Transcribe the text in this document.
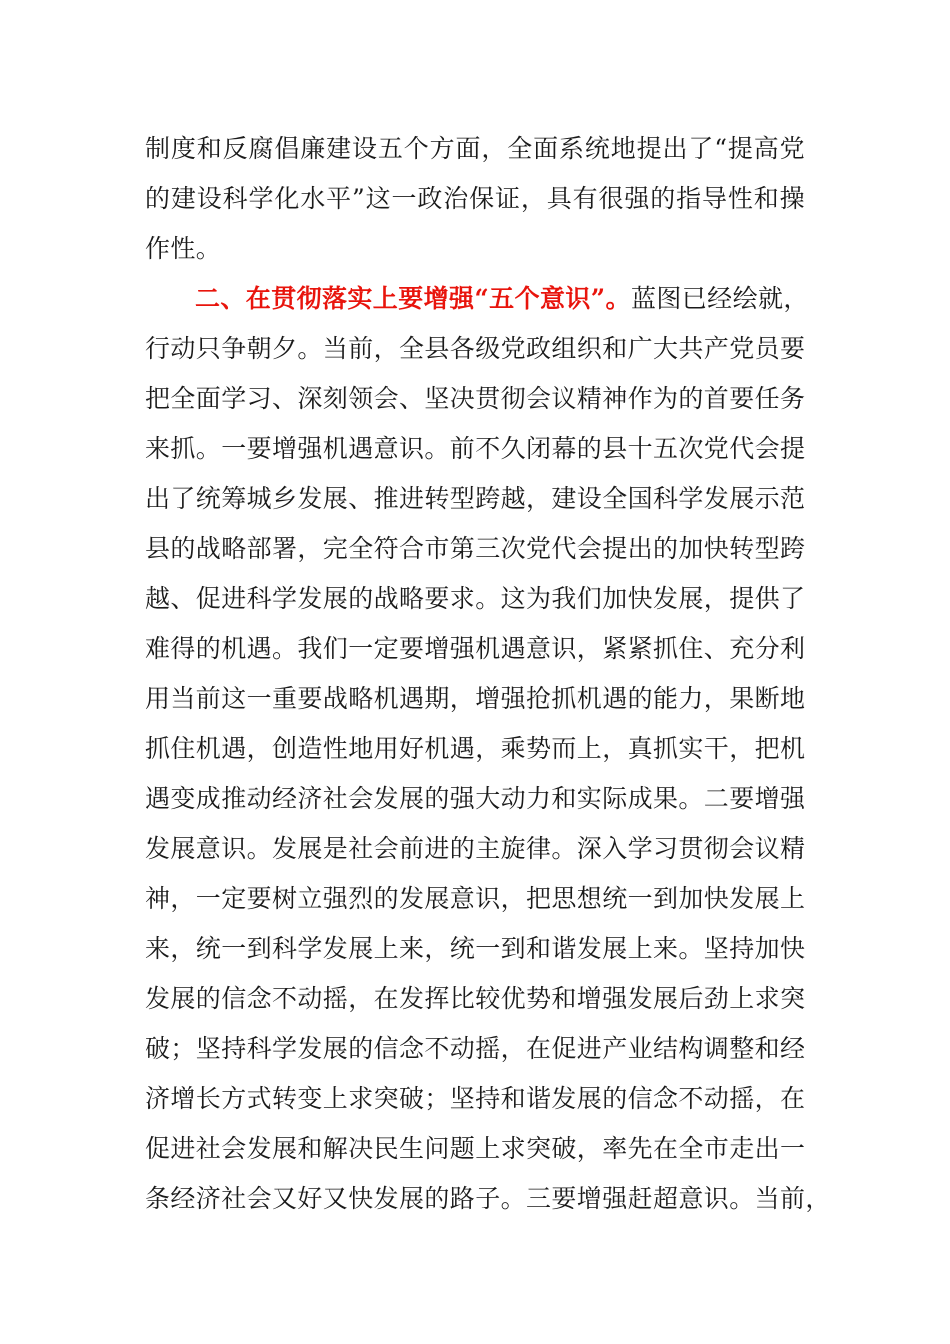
制度和反腐倡廉建设五个方面，全面系统地提出了“提高党
的建设科学化水平”这一政治保证，具有很强的指导性和操
作性。
二、在贯彻落实上要增强“五个意识”。蓝图已经绘就，
行动只争朝夕。当前，全县各级党政组织和广大共产党员要
把全面学习、深刻领会、坚决贯彻会议精神作为的首要任务
来抓。一要增强机遇意识。前不久闭幕的县十五次党代会提
出了统筹城乡发展、推进转型跨越，建设全国科学发展示范
县的战略部署，完全符合市第三次党代会提出的加快转型跨
越、促进科学发展的战略要求。这为我们加快发展，提供了
难得的机遇。我们一定要增强机遇意识，紧紧抓住、充分利
用当前这一重要战略机遇期，增强抢抓机遇的能力，果断地
抓住机遇，创造性地用好机遇，乘势而上，真抓实干，把机
遇变成推动经济社会发展的强大动力和实际成果。二要增强
发展意识。发展是社会前进的主旋律。深入学习贯彻会议精
神，一定要树立强烈的发展意识，把思想统一到加快发展上
来，统一到科学发展上来，统一到和谐发展上来。坚持加快
发展的信念不动摇，在发挥比较优势和增强发展后劲上求突
破；坚持科学发展的信念不动摇，在促进产业结构调整和经
济增长方式转变上求突破；坚持和谐发展的信念不动摇，在
促进社会发展和解决民生问题上求突破，率先在全市走出一
条经济社会又好又快发展的路子。三要增强赶超意识。当前，
